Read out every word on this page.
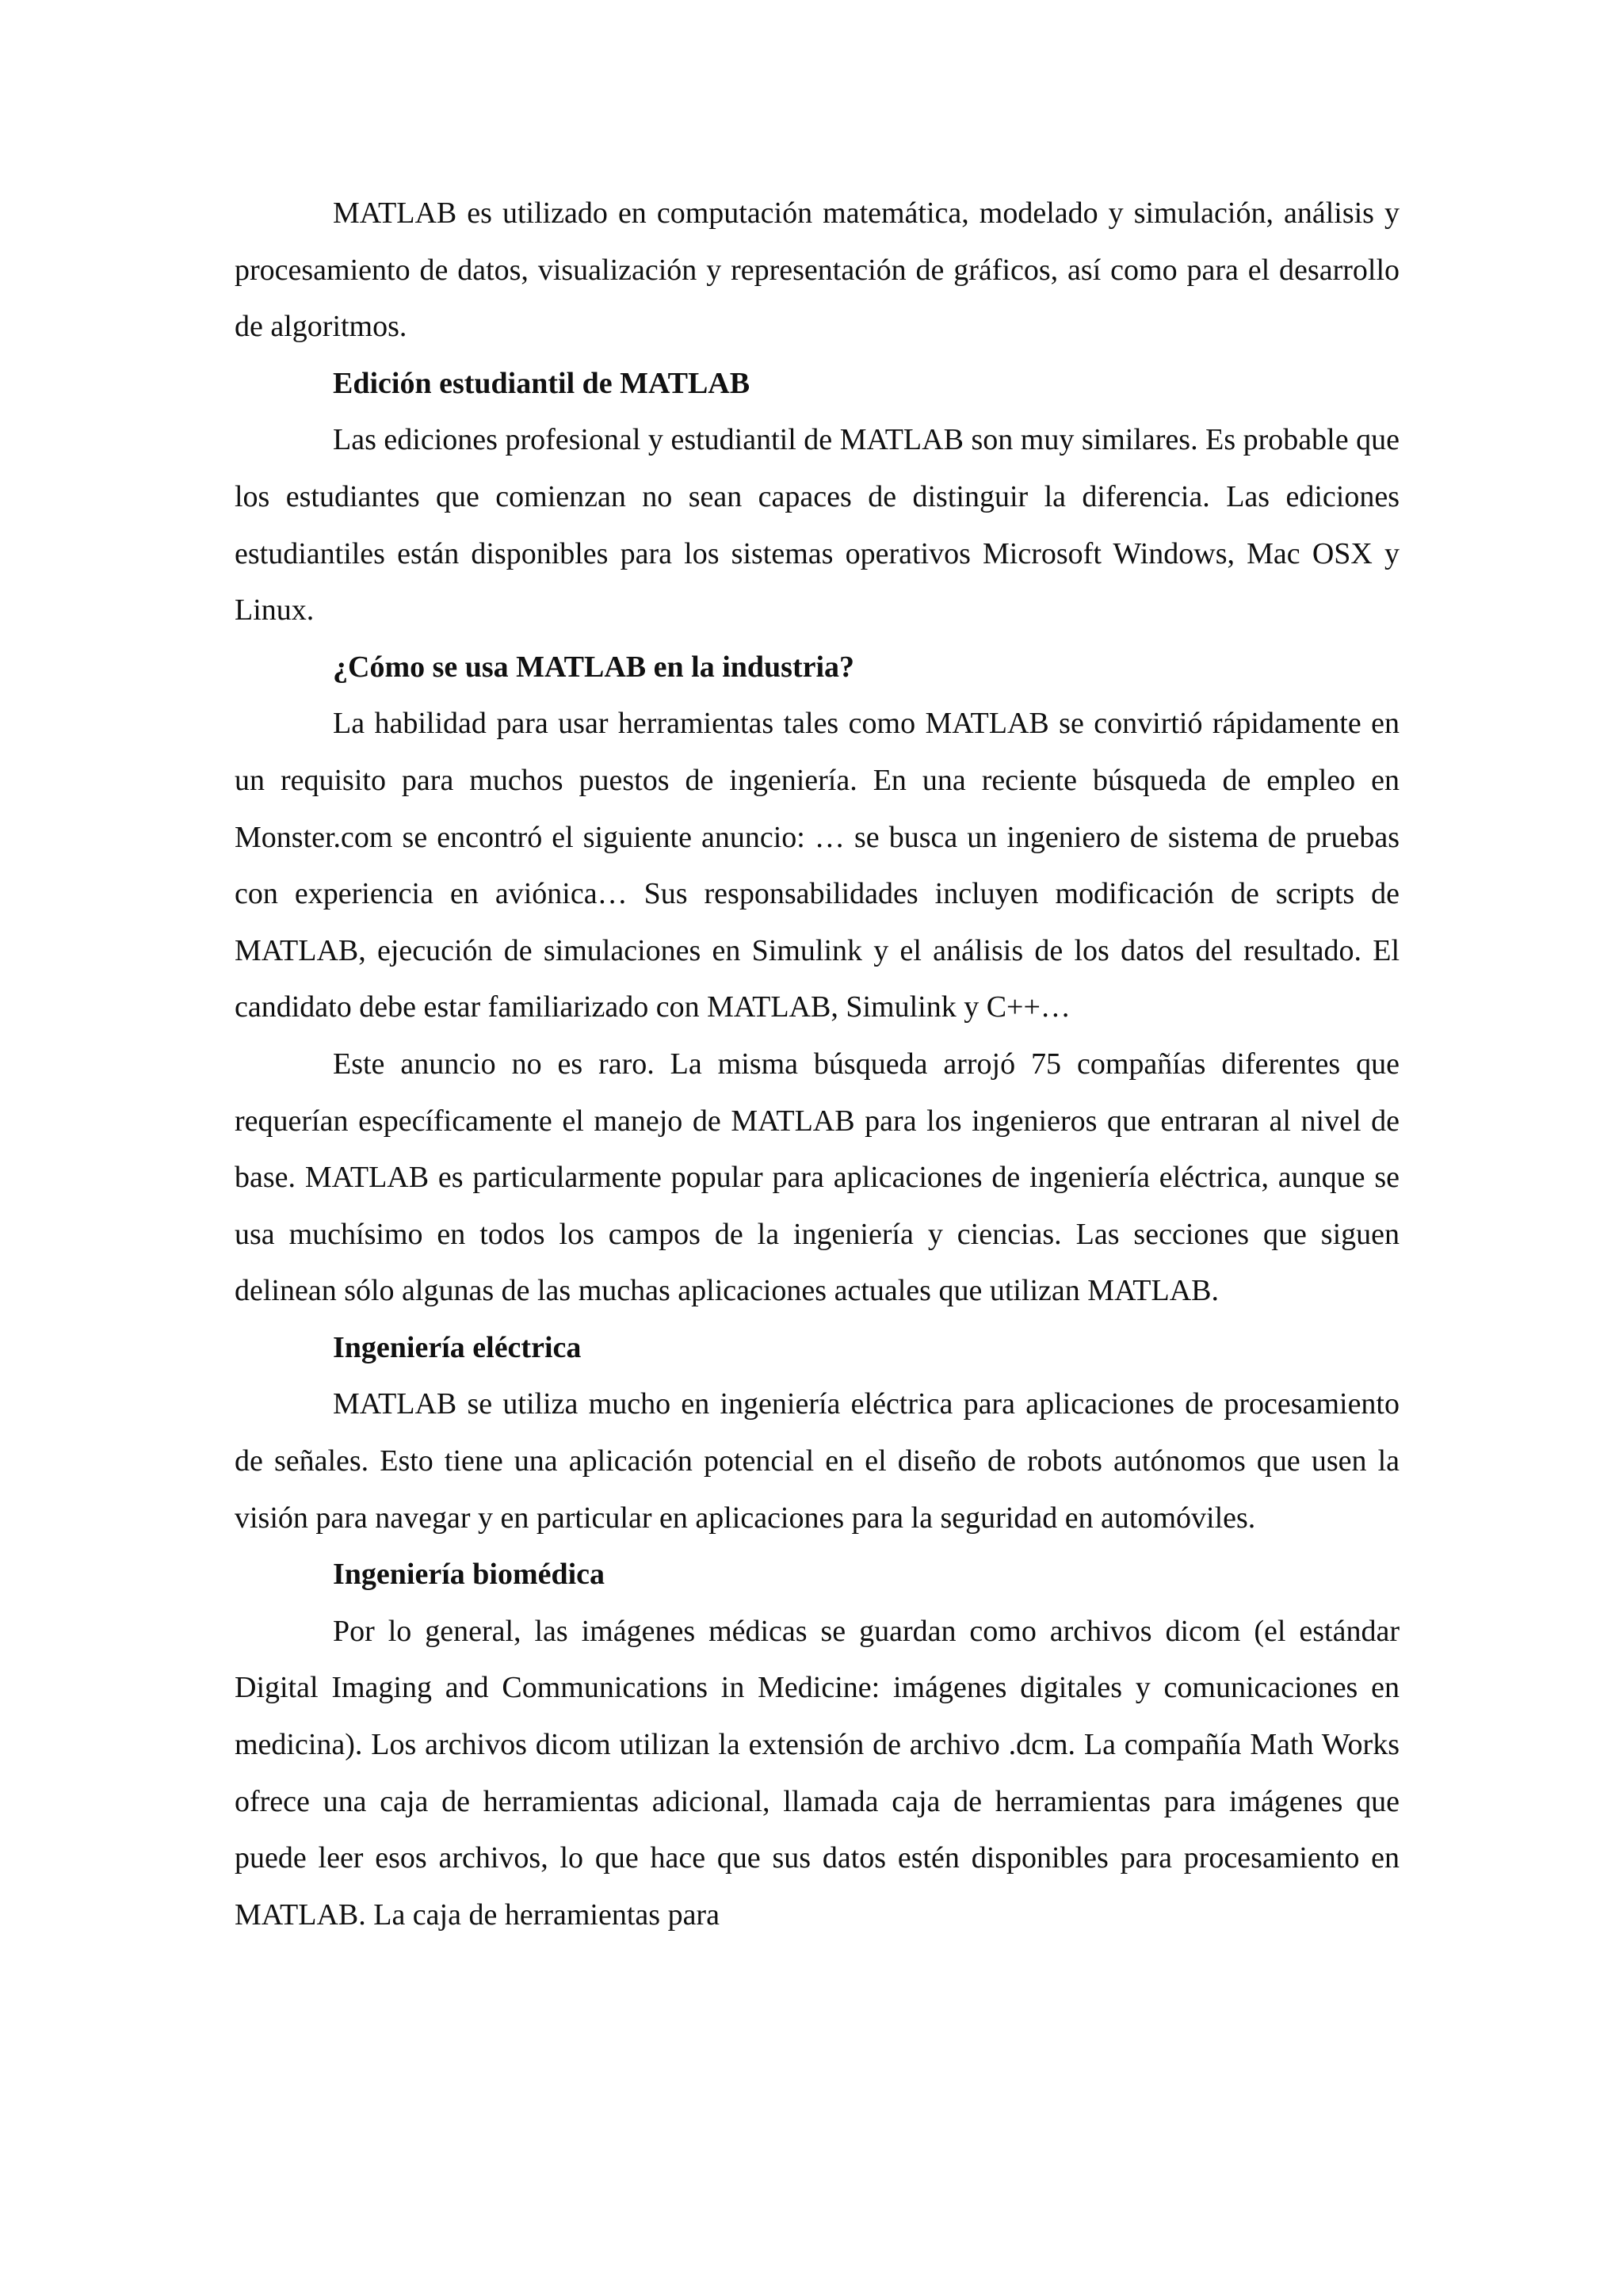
MATLAB es utilizado en computación matemática, modelado y simulación, análisis y procesamiento de datos, visualización y representación de gráficos, así como para el desarrollo de algoritmos.

Edición estudiantil de MATLAB

Las ediciones profesional y estudiantil de MATLAB son muy similares. Es probable que los estudiantes que comienzan no sean capaces de distinguir la diferencia. Las ediciones estudiantiles están disponibles para los sistemas operativos Microsoft Windows, Mac OSX y Linux.

¿Cómo se usa MATLAB en la industria?

La habilidad para usar herramientas tales como MATLAB se convirtió rápidamente en un requisito para muchos puestos de ingeniería. En una reciente búsqueda de empleo en Monster.com se encontró el siguiente anuncio: … se busca un ingeniero de sistema de pruebas con experiencia en aviónica… Sus responsabilidades incluyen modificación de scripts de MATLAB, ejecución de simulaciones en Simulink y el análisis de los datos del resultado. El candidato debe estar familiarizado con MATLAB, Simulink y C++…

Este anuncio no es raro. La misma búsqueda arrojó 75 compañías diferentes que requerían específicamente el manejo de MATLAB para los ingenieros que entraran al nivel de base. MATLAB es particularmente popular para aplicaciones de ingeniería eléctrica, aunque se usa muchísimo en todos los campos de la ingeniería y ciencias. Las secciones que siguen delinean sólo algunas de las muchas aplicaciones actuales que utilizan MATLAB.

Ingeniería eléctrica

MATLAB se utiliza mucho en ingeniería eléctrica para aplicaciones de procesamiento de señales. Esto tiene una aplicación potencial en el diseño de robots autónomos que usen la visión para navegar y en particular en aplicaciones para la seguridad en automóviles.

Ingeniería biomédica

Por lo general, las imágenes médicas se guardan como archivos dicom (el estándar Digital Imaging and Communications in Medicine: imágenes digitales y comunicaciones en medicina). Los archivos dicom utilizan la extensión de archivo .dcm. La compañía Math Works ofrece una caja de herramientas adicional, llamada caja de herramientas para imágenes que puede leer esos archivos, lo que hace que sus datos estén disponibles para procesamiento en MATLAB. La caja de herramientas para
